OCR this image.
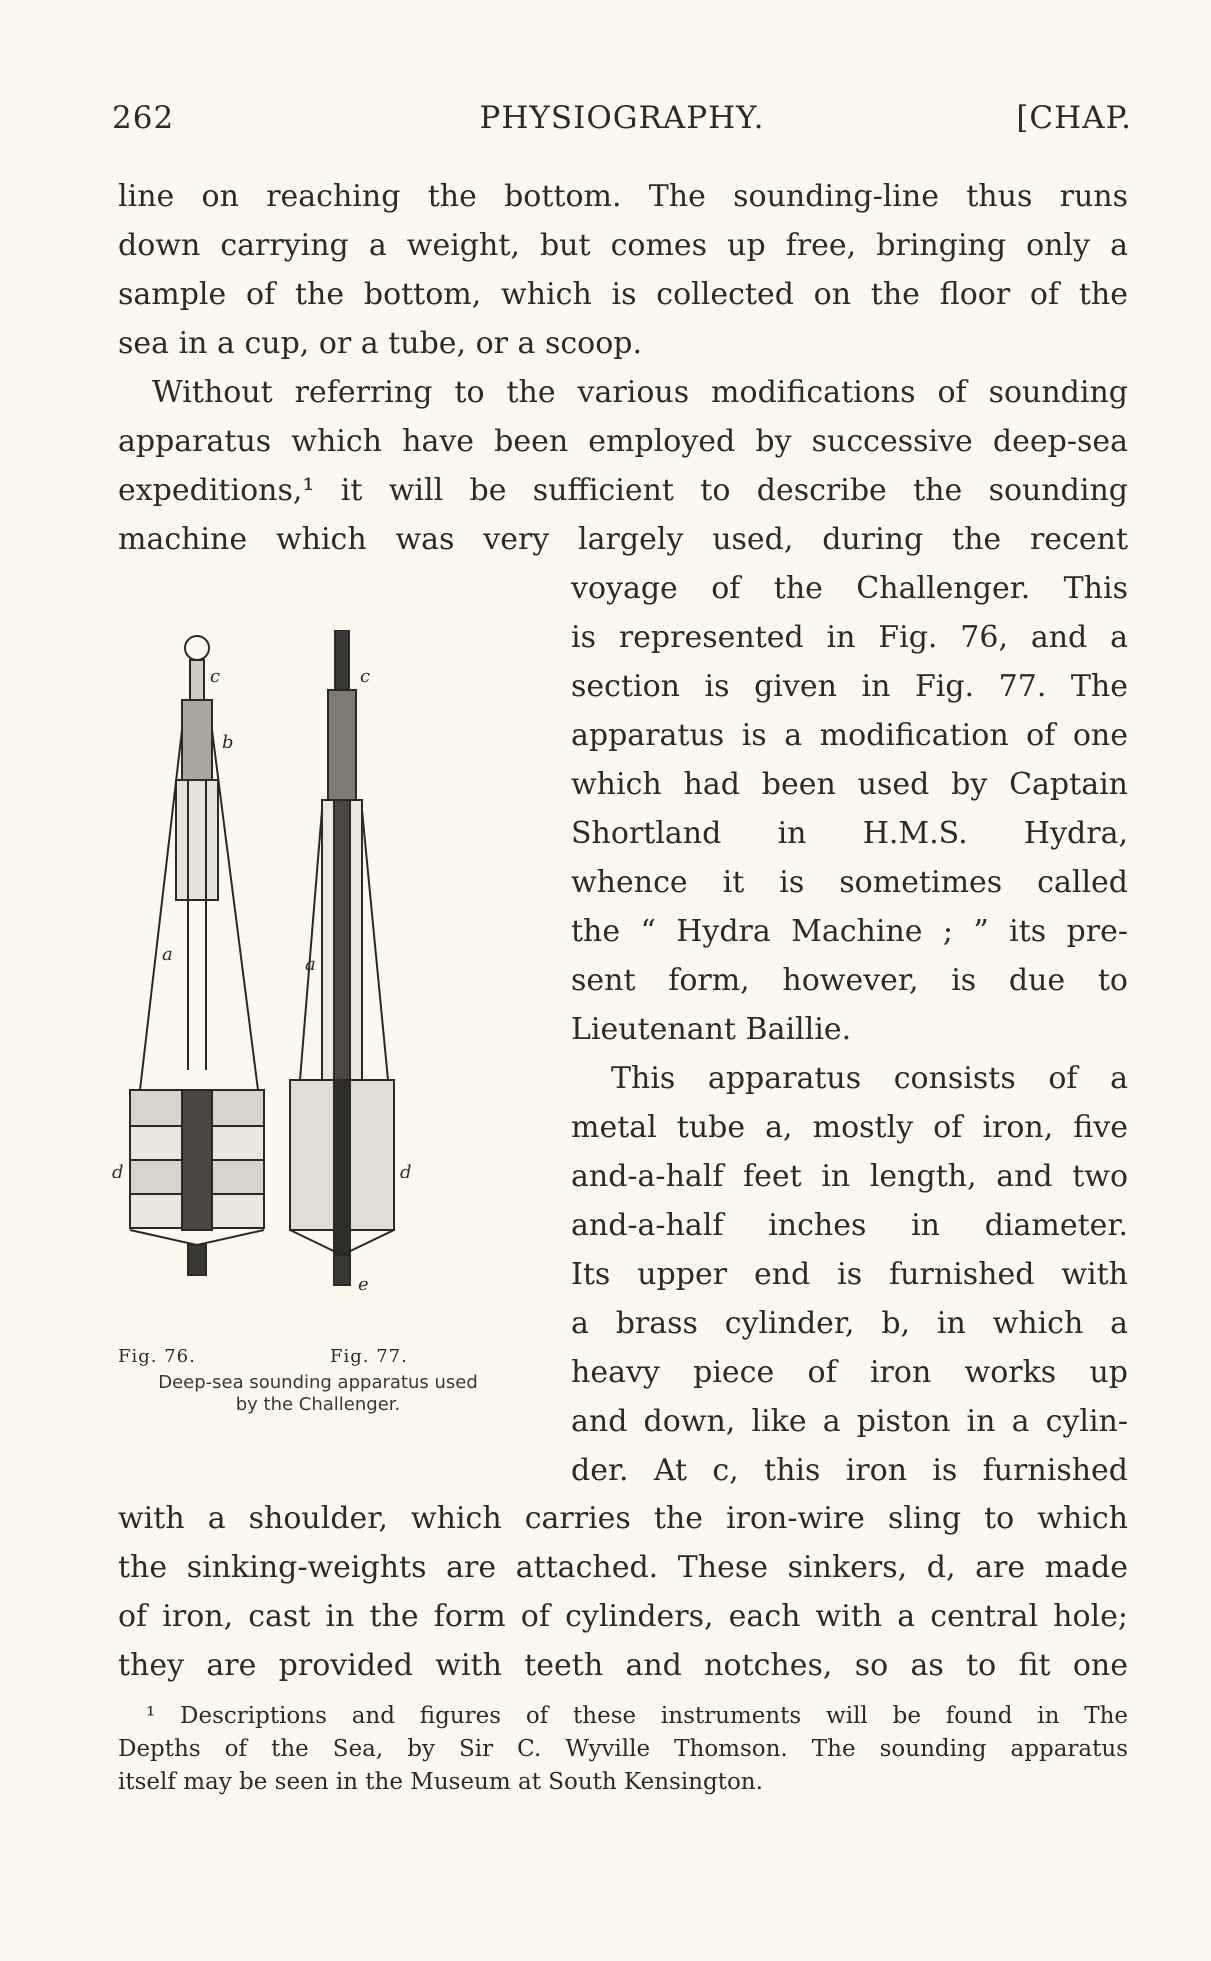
262	PHYSIOGRAPHY.	[CHAP.
line on reaching the bottom. The sounding-line thus runs
down carrying a weight, but comes up free, bringing only a
sample of the bottom, which is collected on the floor of the
sea in a cup, or a tube, or a scoop.
Without referring to the various modifications of sounding
apparatus which have been employed by successive deep-sea
expeditions,¹ it will be sufficient to describe the sounding
machine which was very largely used, during the recent
voyage of the Challenger. This
is represented in Fig. 76, and a
section is given in Fig. 77. The
apparatus is a modification of one
which had been used by Captain
Shortland in H.M.S. Hydra,
whence it is sometimes called
the “ Hydra Machine ; ” its pre-
sent form, however, is due to
Lieutenant Baillie.
This apparatus consists of a
metal tube a, mostly of iron, five
and-a-half feet in length, and two
and-a-half inches in diameter.
Its upper end is furnished with
a brass cylinder, b, in which a
heavy piece of iron works up
and down, like a piston in a cylin-
der. At c, this iron is furnished
c
b
a
d
c
a
d
e
Fig. 76.	Fig. 77.
Deep-sea sounding apparatus used
by the Challenger.
with a shoulder, which carries the iron-wire sling to which
the sinking-weights are attached. These sinkers, d, are made
of iron, cast in the form of cylinders, each with a central hole;
they are provided with teeth and notches, so as to fit one
¹ Descriptions and figures of these instruments will be found in The
Depths of the Sea, by Sir C. Wyville Thomson. The sounding apparatus
itself may be seen in the Museum at South Kensington.
